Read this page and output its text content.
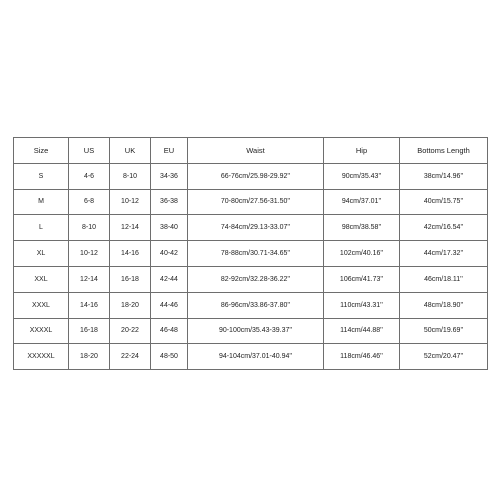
Size	US	UK	EU	Waist	Hip	Bottoms Length
S	4-6	8-10	34-36	66-76cm/25.98-29.92''	90cm/35.43''	38cm/14.96''
M	6-8	10-12	36-38	70-80cm/27.56-31.50''	94cm/37.01''	40cm/15.75''
L	8-10	12-14	38-40	74-84cm/29.13-33.07''	98cm/38.58''	42cm/16.54''
XL	10-12	14-16	40-42	78-88cm/30.71-34.65''	102cm/40.16''	44cm/17.32''
XXL	12-14	16-18	42-44	82-92cm/32.28-36.22''	106cm/41.73''	46cm/18.11''
XXXL	14-16	18-20	44-46	86-96cm/33.86-37.80''	110cm/43.31''	48cm/18.90''
XXXXL	16-18	20-22	46-48	90-100cm/35.43-39.37''	114cm/44.88''	50cm/19.69''
XXXXXL	18-20	22-24	48-50	94-104cm/37.01-40.94''	118cm/46.46''	52cm/20.47''
